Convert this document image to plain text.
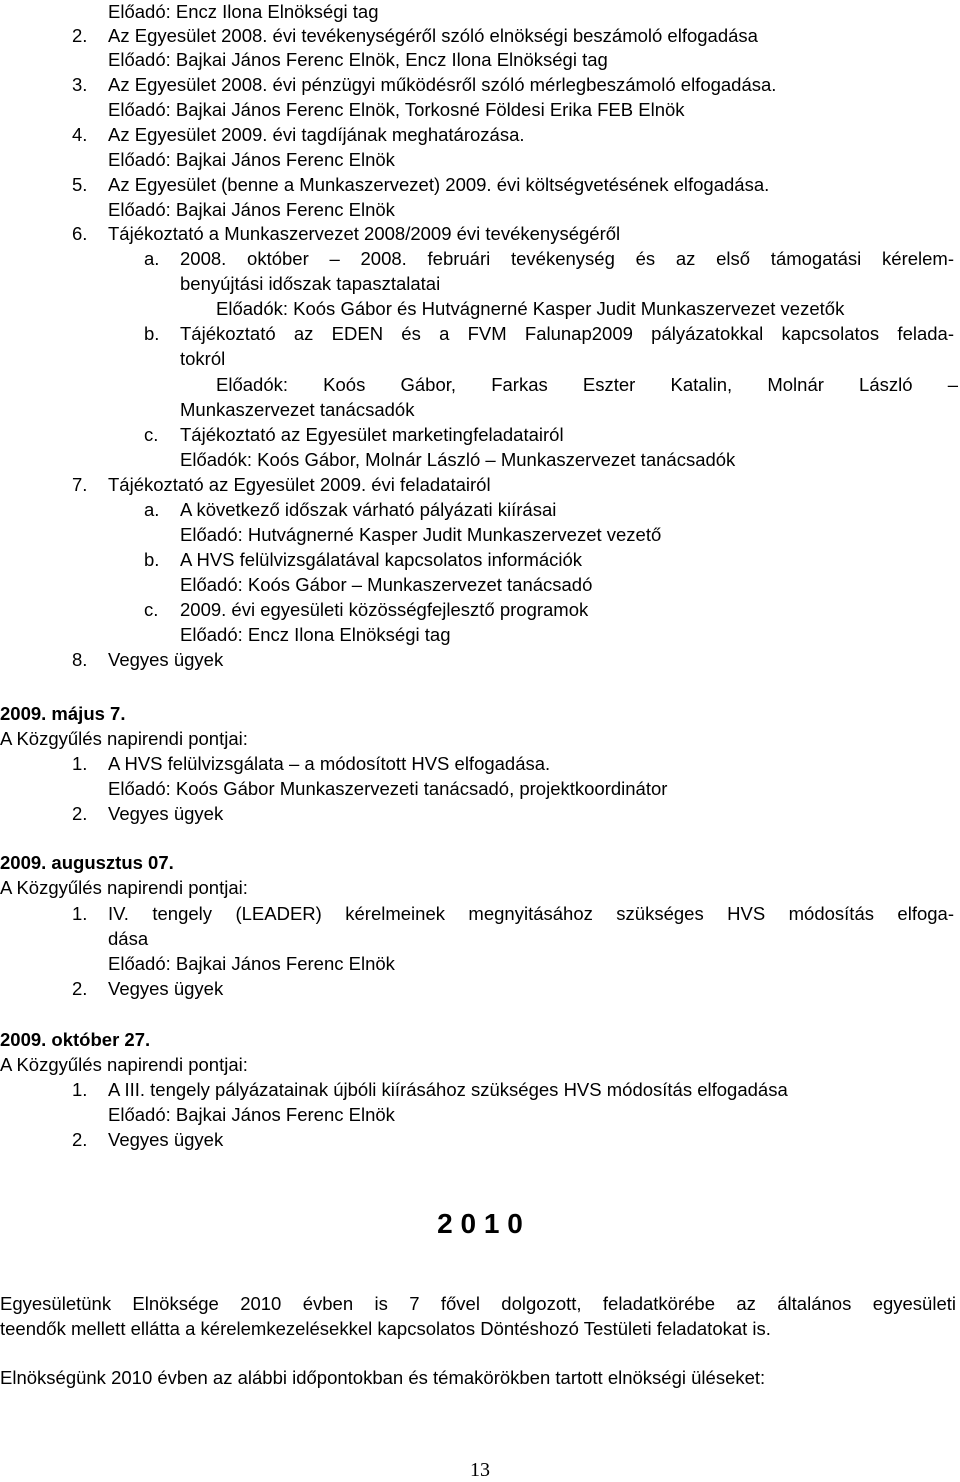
Előadó: Encz Ilona Elnökségi tag
2. Az Egyesület 2008. évi tevékenységéről szóló elnökségi beszámoló elfogadása
Előadó: Bajkai János Ferenc Elnök, Encz Ilona Elnökségi tag
3. Az Egyesület 2008. évi pénzügyi működésről szóló mérlegbeszámoló elfogadása.
Előadó: Bajkai János Ferenc Elnök, Torkosné Földesi Erika FEB Elnök
4. Az Egyesület 2009. évi tagdíjának meghatározása.
Előadó: Bajkai János Ferenc Elnök
5. Az Egyesület (benne a Munkaszervezet) 2009. évi költségvetésének elfogadása.
Előadó: Bajkai János Ferenc Elnök
6. Tájékoztató a Munkaszervezet 2008/2009 évi tevékenységéről
a. 2008. október – 2008. februári tevékenység és az első támogatási kérelem-
benyújtási időszak tapasztalatai
Előadók: Koós Gábor és Hutvágnerné Kasper Judit Munkaszervezet vezetők
b. Tájékoztató az EDEN és a FVM Falunap2009 pályázatokkal kapcsolatos felada-
tokról
Előadók: Koós Gábor, Farkas Eszter Katalin, Molnár László –
Munkaszervezet tanácsadók
c. Tájékoztató az Egyesület marketingfeladatairól
Előadók: Koós Gábor, Molnár László – Munkaszervezet tanácsadók
7. Tájékoztató az Egyesület 2009. évi feladatairól
a. A következő időszak várható pályázati kiírásai
Előadó: Hutvágnerné Kasper Judit Munkaszervezet vezető
b. A HVS felülvizsgálatával kapcsolatos információk
Előadó: Koós Gábor – Munkaszervezet tanácsadó
c. 2009. évi egyesületi közösségfejlesztő programok
Előadó: Encz Ilona Elnökségi tag
8. Vegyes ügyek
2009. május 7.
A Közgyűlés napirendi pontjai:
1. A HVS felülvizsgálata – a módosított HVS elfogadása.
Előadó: Koós Gábor Munkaszervezeti tanácsadó, projektkoordinátor
2. Vegyes ügyek
2009. augusztus 07.
A Közgyűlés napirendi pontjai:
1. IV. tengely (LEADER) kérelmeinek megnyitásához szükséges HVS módosítás elfoga-
dása
Előadó: Bajkai János Ferenc Elnök
2. Vegyes ügyek
2009. október 27.
A Közgyűlés napirendi pontjai:
1. A III. tengely pályázatainak újbóli kiírásához szükséges HVS módosítás elfogadása
Előadó: Bajkai János Ferenc Elnök
2. Vegyes ügyek
2 0 1 0
Egyesületünk Elnöksége 2010 évben is 7 fővel dolgozott, feladatkörébe az általános egyesületi
teendők mellett ellátta a kérelemkezelésekkel kapcsolatos Döntéshozó Testületi feladatokat is.
Elnökségünk 2010 évben az alábbi időpontokban és témakörökben tartott elnökségi üléseket:
13
